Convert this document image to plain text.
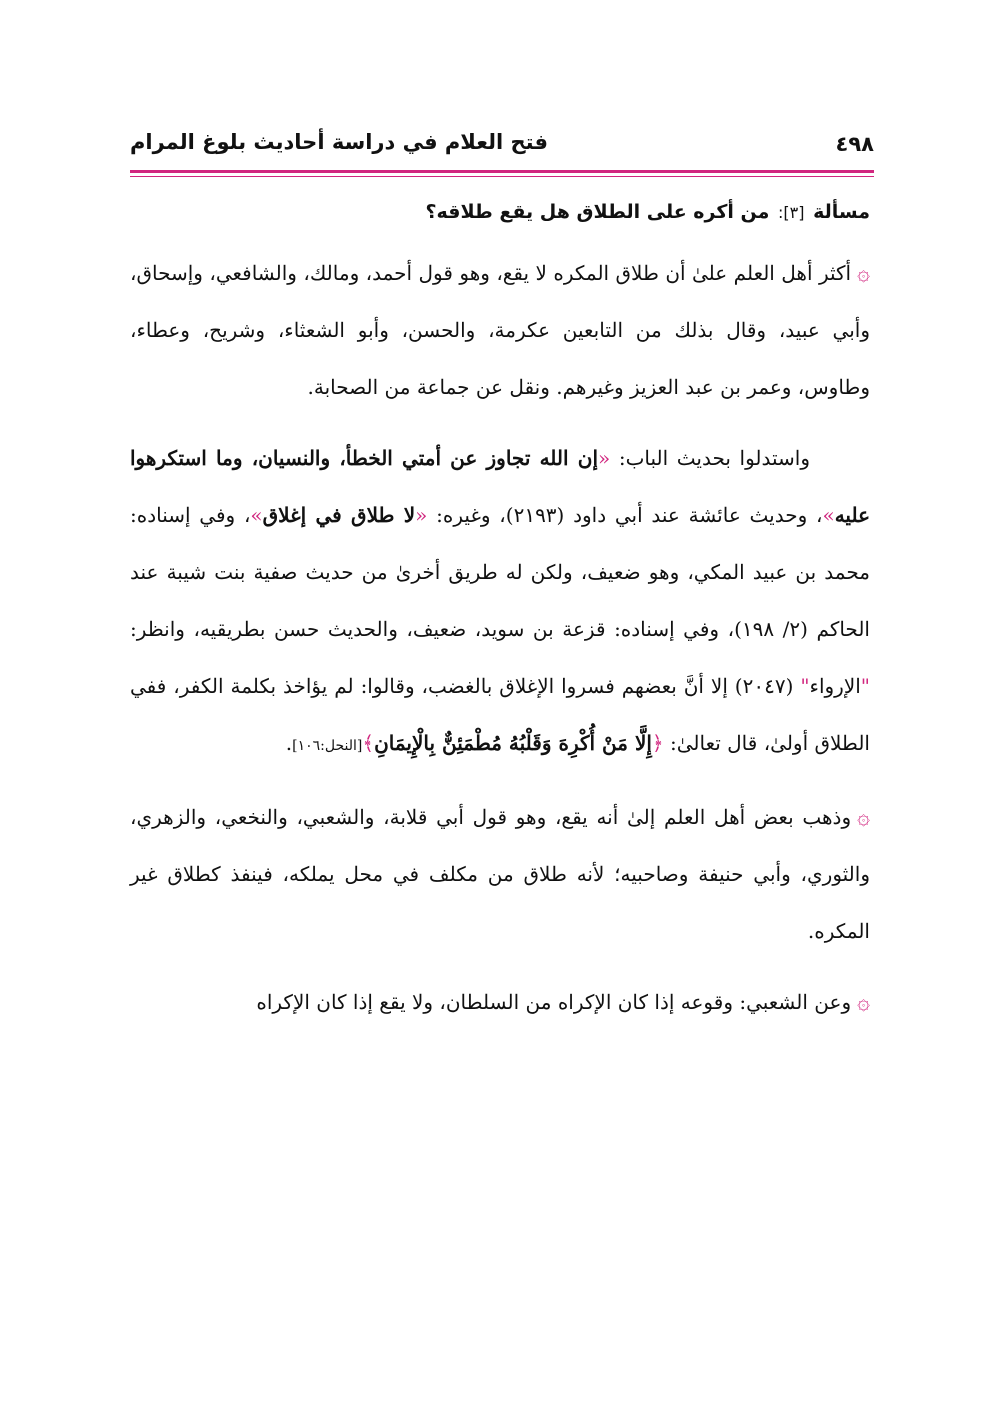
٤٩٨
فتح العلام في دراسة أحاديث بلوغ المرام

مسألة [٣]: من أكره على الطلاق هل يقع طلاقه؟

۞أكثر أهل العلم علىٰ أن طلاق المكره لا يقع، وهو قول أحمد، ومالك، والشافعي، وإسحاق، وأبي عبيد، وقال بذلك من التابعين عكرمة، والحسن، وأبو الشعثاء، وشريح، وعطاء، وطاوس، وعمر بن عبد العزيز وغيرهم. ونقل عن جماعة من الصحابة.

واستدلوا بحديث الباب: «إن الله تجاوز عن أمتي الخطأ، والنسيان، وما استكرهوا عليه»، وحديث عائشة عند أبي داود (٢١٩٣)، وغيره: «لا طلاق في إغلاق»، وفي إسناده: محمد بن عبيد المكي، وهو ضعيف، ولكن له طريق أخرىٰ من حديث صفية بنت شيبة عند الحاكم (٢/ ١٩٨)، وفي إسناده: قزعة بن سويد، ضعيف، والحديث حسن بطريقيه، وانظر: "الإرواء" (٢٠٤٧) إلا أنَّ بعضهم فسروا الإغلاق بالغضب، وقالوا: لم يؤاخذ بكلمة الكفر، ففي الطلاق أولىٰ، قال تعالىٰ: ﴿إِلَّا مَنْ أُكْرِهَ وَقَلْبُهُ مُطْمَئِنٌّ بِالْإِيمَانِ﴾[النحل:١٠٦].

۞وذهب بعض أهل العلم إلىٰ أنه يقع، وهو قول أبي قلابة، والشعبي، والنخعي، والزهري، والثوري، وأبي حنيفة وصاحبيه؛ لأنه طلاق من مكلف في محل يملكه، فينفذ كطلاق غير المكره.

۞وعن الشعبي: وقوعه إذا كان الإكراه من السلطان، ولا يقع إذا كان الإكراه
